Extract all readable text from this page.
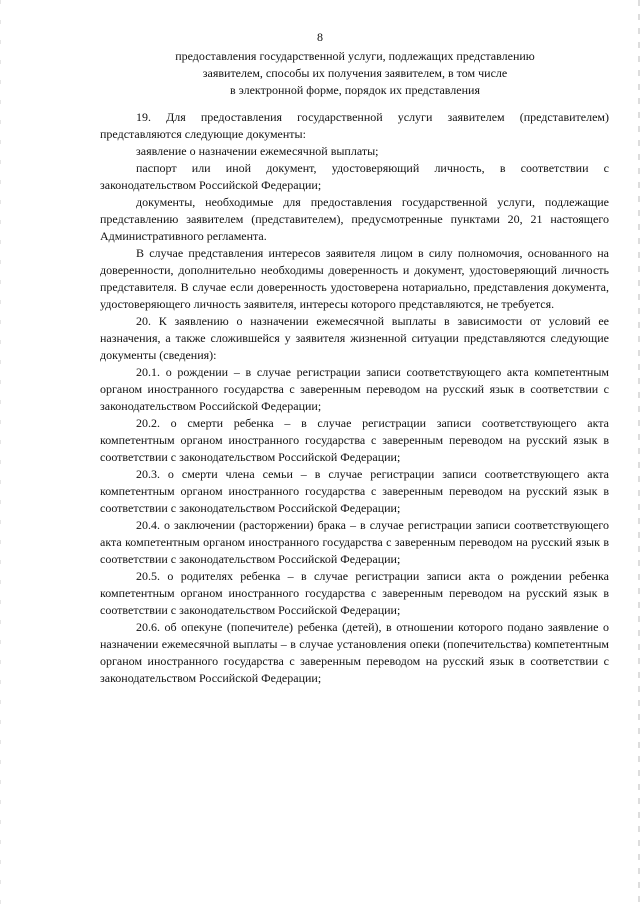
8
предоставления государственной услуги, подлежащих представлению
заявителем, способы их получения заявителем, в том числе
в электронной форме, порядок их представления

19. Для предоставления государственной услуги заявителем (представителем) представляются следующие документы:

заявление о назначении ежемесячной выплаты;

паспорт или иной документ, удостоверяющий личность, в соответствии с законодательством Российской Федерации;

документы, необходимые для предоставления государственной услуги, подлежащие представлению заявителем (представителем), предусмотренные пунктами 20, 21 настоящего Административного регламента.

В случае представления интересов заявителя лицом в силу полномочия, основанного на доверенности, дополнительно необходимы доверенность и документ, удостоверяющий личность представителя. В случае если доверенность удостоверена нотариально, представления документа, удостоверяющего личность заявителя, интересы которого представляются, не требуется.

20. К заявлению о назначении ежемесячной выплаты в зависимости от условий ее назначения, а также сложившейся у заявителя жизненной ситуации представляются следующие документы (сведения):

20.1. о рождении – в случае регистрации записи соответствующего акта компетентным органом иностранного государства с заверенным переводом на русский язык в соответствии с законодательством Российской Федерации;

20.2. о смерти ребенка – в случае регистрации записи соответствующего акта компетентным органом иностранного государства с заверенным переводом на русский язык в соответствии с законодательством Российской Федерации;

20.3. о смерти члена семьи – в случае регистрации записи соответствующего акта компетентным органом иностранного государства с заверенным переводом на русский язык в соответствии с законодательством Российской Федерации;

20.4. о заключении (расторжении) брака – в случае регистрации записи соответствующего акта компетентным органом иностранного государства с заверенным переводом на русский язык в соответствии с законодательством Российской Федерации;

20.5. о родителях ребенка – в случае регистрации записи акта о рождении ребенка компетентным органом иностранного государства с заверенным переводом на русский язык в соответствии с законодательством Российской Федерации;

20.6. об опекуне (попечителе) ребенка (детей), в отношении которого подано заявление о назначении ежемесячной выплаты – в случае установления опеки (попечительства) компетентным органом иностранного государства с заверенным переводом на русский язык в соответствии с законодательством Российской Федерации;
